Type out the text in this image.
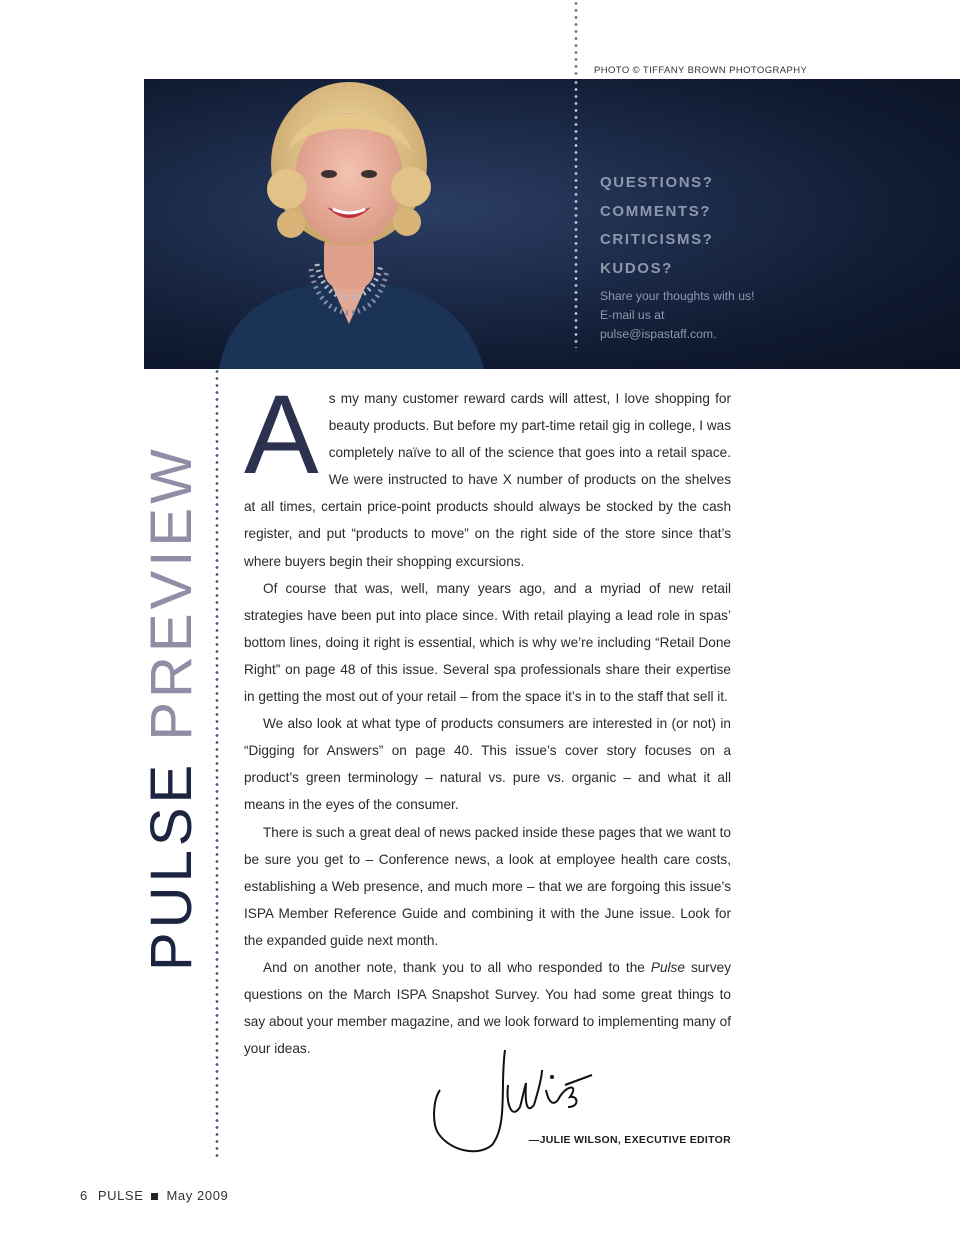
PHOTO © TIFFANY BROWN PHOTOGRAPHY
QUESTIONS?
COMMENTS?
CRITICISMS?
KUDOS?
Share your thoughts with us! E-mail us at pulse@ispastaff.com.
PULSE PREVIEW

As my many customer reward cards will attest, I love shopping for beauty products. But before my part-time retail gig in college, I was completely naïve to all of the science that goes into a retail space. We were instructed to have X number of products on the shelves at all times, certain price-point products should always be stocked by the cash register, and put “products to move” on the right side of the store since that’s where buyers begin their shopping excursions.

Of course that was, well, many years ago, and a myriad of new retail strategies have been put into place since. With retail playing a lead role in spas’ bottom lines, doing it right is essential, which is why we’re including “Retail Done Right” on page 48 of this issue. Several spa professionals share their expertise in getting the most out of your retail – from the space it’s in to the staff that sell it.

We also look at what type of products consumers are interested in (or not) in “Digging for Answers” on page 40. This issue’s cover story focuses on a product’s green terminology – natural vs. pure vs. organic – and what it all means in the eyes of the consumer.

There is such a great deal of news packed inside these pages that we want to be sure you get to – Conference news, a look at employee health care costs, establishing a Web presence, and much more – that we are forgoing this issue’s ISPA Member Reference Guide and combining it with the June issue. Look for the expanded guide next month.

And on another note, thank you to all who responded to the Pulse survey questions on the March ISPA Snapshot Survey. You had some great things to say about your member magazine, and we look forward to implementing many of your ideas.

—JULIE WILSON, EXECUTIVE EDITOR
6 PULSE May 2009
